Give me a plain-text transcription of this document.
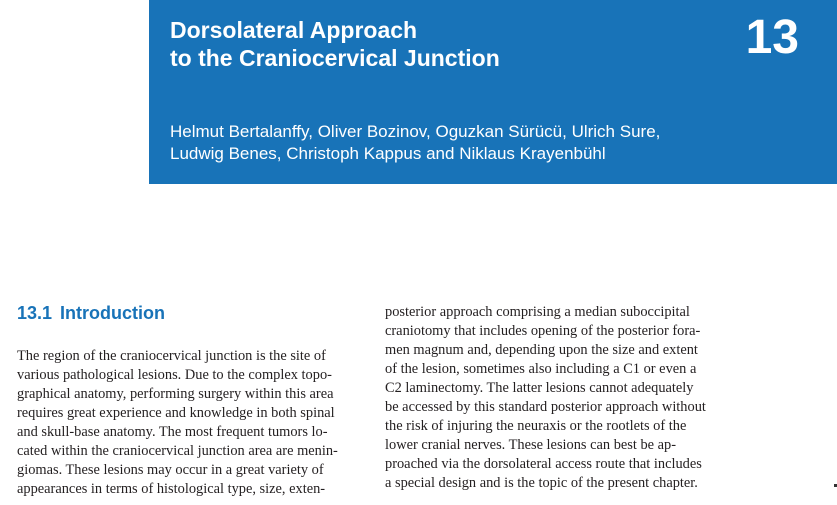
Dorsolateral Approach
to the Craniocervical Junction	13
Helmut Bertalanffy, Oliver Bozinov, Oguzkan Sürücü, Ulrich Sure,
Ludwig Benes, Christoph Kappus and Niklaus Krayenbühl
13.1 Introduction
The region of the craniocervical junction is the site of
various pathological lesions. Due to the complex topo-
graphical anatomy, performing surgery within this area
requires great experience and knowledge in both spinal
and skull-base anatomy. The most frequent tumors lo-
cated within the craniocervical junction area are menin-
giomas. These lesions may occur in a great variety of
appearances in terms of histological type, size, exten-
posterior approach comprising a median suboccipital
craniotomy that includes opening of the posterior fora-
men magnum and, depending upon the size and extent
of the lesion, sometimes also including a C1 or even a
C2 laminectomy. The latter lesions cannot adequately
be accessed by this standard posterior approach without
the risk of injuring the neuraxis or the rootlets of the
lower cranial nerves. These lesions can best be ap-
proached via the dorsolateral access route that includes
a special design and is the topic of the present chapter.
